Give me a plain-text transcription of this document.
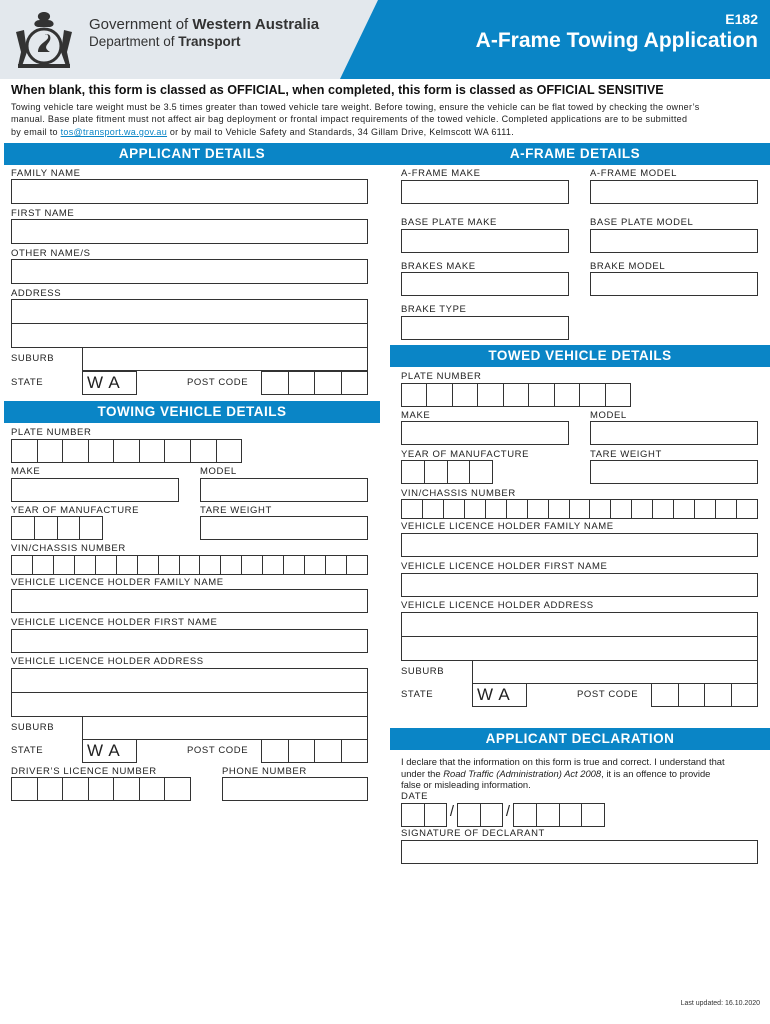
Government of Western Australia
Department of Transport
E182
A-Frame Towing Application
When blank, this form is classed as OFFICIAL, when completed, this form is classed as OFFICIAL SENSITIVE
Towing vehicle tare weight must be 3.5 times greater than towed vehicle tare weight. Before towing, ensure the vehicle can be flat towed by checking the owner’s
manual. Base plate fitment must not affect air bag deployment or frontal impact requirements of the towed vehicle. Completed applications are to be submitted
by email to tos@transport.wa.gov.au or by mail to Vehicle Safety and Standards, 34 Gillam Drive, Kelmscott WA 6111.
APPLICANT DETAILS
FAMILY NAME
FIRST NAME
OTHER NAME/S
ADDRESS
SUBURB
STATE	WA	POST CODE
TOWING VEHICLE DETAILS
PLATE NUMBER
MAKE	MODEL
YEAR OF MANUFACTURE	TARE WEIGHT
VIN/CHASSIS NUMBER
VEHICLE LICENCE HOLDER FAMILY NAME
VEHICLE LICENCE HOLDER FIRST NAME
VEHICLE LICENCE HOLDER ADDRESS
SUBURB
STATE	WA	POST CODE
DRIVER’S LICENCE NUMBER	PHONE NUMBER
A-FRAME DETAILS
A-FRAME MAKE	A-FRAME MODEL
BASE PLATE MAKE	BASE PLATE MODEL
BRAKES MAKE	BRAKE MODEL
BRAKE TYPE
TOWED VEHICLE DETAILS
PLATE NUMBER
MAKE	MODEL
YEAR OF MANUFACTURE	TARE WEIGHT
VIN/CHASSIS NUMBER
VEHICLE LICENCE HOLDER FAMILY NAME
VEHICLE LICENCE HOLDER FIRST NAME
VEHICLE LICENCE HOLDER ADDRESS
SUBURB
STATE	WA	POST CODE
APPLICANT DECLARATION
I declare that the information on this form is true and correct. I understand that
under the Road Traffic (Administration) Act 2008, it is an offence to provide
false or misleading information.
DATE
/	/
SIGNATURE OF DECLARANT
Last updated: 16.10.2020
